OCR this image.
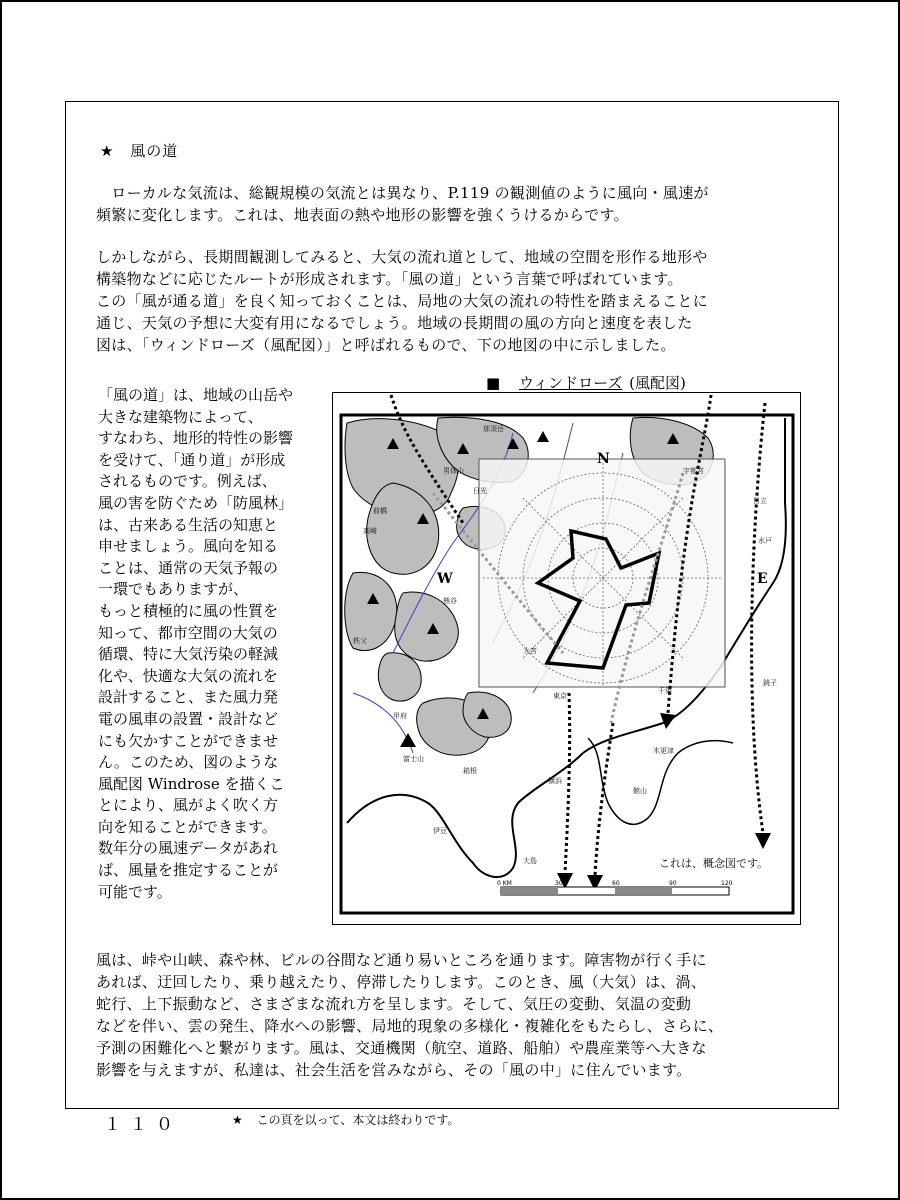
★ 風の道
　ローカルな気流は、総観規模の気流とは異なり、P.119 の観測値のように風向・風速が
頻繁に変化します。これは、地表面の熱や地形の影響を強くうけるからです。
しかしながら、長期間観測してみると、大気の流れ道として、地域の空間を形作る地形や
構築物などに応じたルートが形成されます。「風の道」という言葉で呼ばれています。
この「風が通る道」を良く知っておくことは、局地の大気の流れの特性を踏まえることに
通じ、天気の予想に大変有用になるでしょう。地域の長期間の風の方向と速度を表した
図は、「ウィンドローズ（風配図）」と呼ばれるもので、下の地図の中に示しました。
「風の道」は、地域の山岳や
大きな建築物によって、
すなわち、地形的特性の影響
を受けて、「通り道」が形成
されるものです。例えば、
風の害を防ぐため「防風林」
は、古来ある生活の知恵と
申せましょう。風向を知る
ことは、通常の天気予報の
一環でもありますが、
もっと積極的に風の性質を
知って、都市空間の大気の
循環、特に大気汚染の軽減
化や、快適な大気の流れを
設計すること、また風力発
電の風車の設置・設計など
にも欠かすことができませ
ん。このため、図のような
風配図 Windrose を描くこ
とにより、風がよく吹く方
向を知ることができます。
数年分の風速データがあれ
ば、風量を推定することが
可能です。
■ ウィンドローズ (風配図)
N
E
W
那須岳
男体山
日光
前橋
高崎
宇都宮
水戸
日立
秩父
熊谷
大宮
東京
横浜
千葉
銚子
甲府
富士山
箱根
伊豆
大島
館山
木更津
これは、概念図です。
0 KM	30	60	90	120
風は、峠や山峡、森や林、ビルの谷間など通り易いところを通ります。障害物が行く手に
あれば、迂回したり、乗り越えたり、停滞したりします。このとき、風（大気）は、渦、
蛇行、上下振動など、さまざまな流れ方を呈します。そして、気圧の変動、気温の変動
などを伴い、雲の発生、降水への影響、局地的現象の多様化・複雑化をもたらし、さらに、
予測の困難化へと繋がります。風は、交通機関（航空、道路、船舶）や農産業等へ大きな
影響を与えますが、私達は、社会生活を営みながら、その「風の中」に住んでいます。
１１０	★ この頁を以って、本文は終わりです。
